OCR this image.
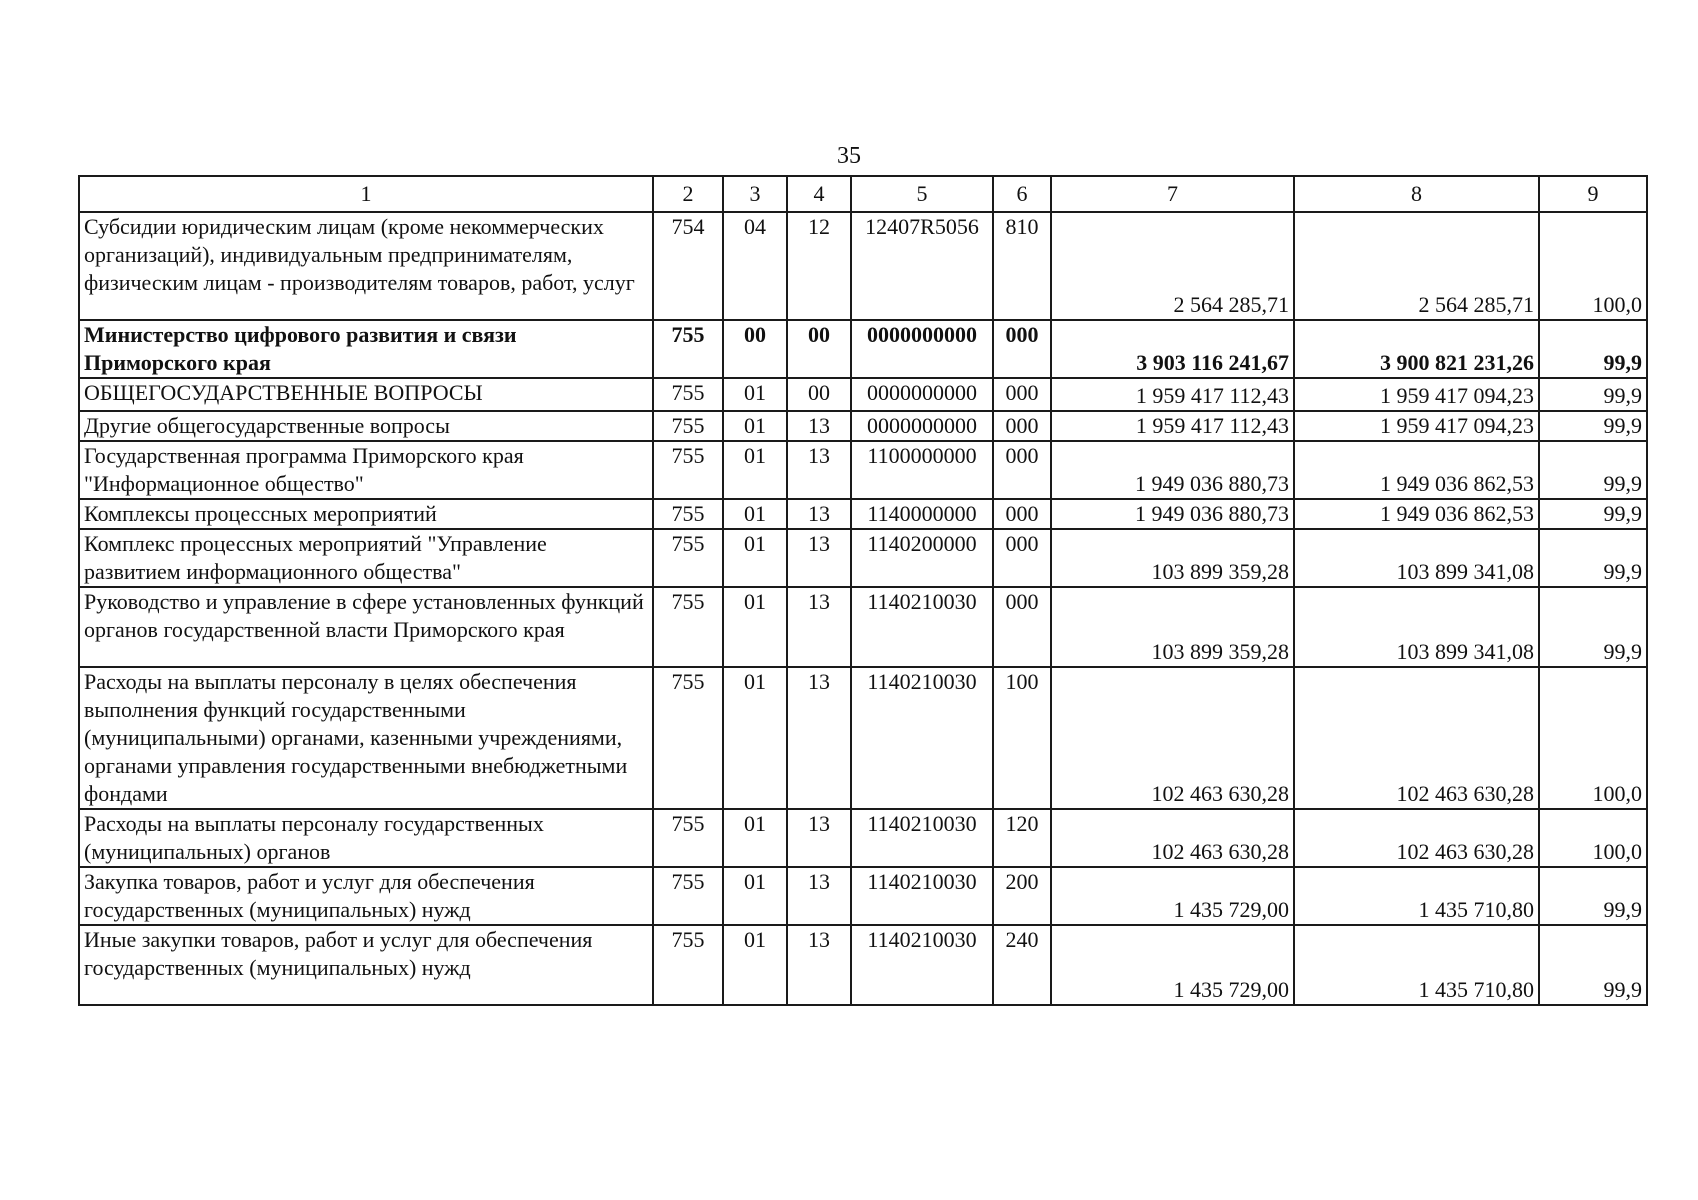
35
1	2	3	4	5	6	7	8	9
Субсидии юридическим лицам (кроме некоммерческих организаций), индивидуальным предпринимателям, физическим лицам - производителям товаров, работ, услуг	754	04	12	12407R5056	810	2 564 285,71	2 564 285,71	100,0
Министерство цифрового развития и связи Приморского края	755	00	00	0000000000	000	3 903 116 241,67	3 900 821 231,26	99,9
ОБЩЕГОСУДАРСТВЕННЫЕ ВОПРОСЫ	755	01	00	0000000000	000	1 959 417 112,43	1 959 417 094,23	99,9
Другие общегосударственные вопросы	755	01	13	0000000000	000	1 959 417 112,43	1 959 417 094,23	99,9
Государственная программа Приморского края "Информационное общество"	755	01	13	1100000000	000	1 949 036 880,73	1 949 036 862,53	99,9
Комплексы процессных мероприятий	755	01	13	1140000000	000	1 949 036 880,73	1 949 036 862,53	99,9
Комплекс процессных мероприятий "Управление развитием информационного общества"	755	01	13	1140200000	000	103 899 359,28	103 899 341,08	99,9
Руководство и управление в сфере установленных функций органов государственной власти Приморского края	755	01	13	1140210030	000	103 899 359,28	103 899 341,08	99,9
Расходы на выплаты персоналу в целях обеспечения выполнения функций государственными (муниципальными) органами, казенными учреждениями, органами управления государственными внебюджетными фондами	755	01	13	1140210030	100	102 463 630,28	102 463 630,28	100,0
Расходы на выплаты персоналу государственных (муниципальных) органов	755	01	13	1140210030	120	102 463 630,28	102 463 630,28	100,0
Закупка товаров, работ и услуг для обеспечения государственных (муниципальных) нужд	755	01	13	1140210030	200	1 435 729,00	1 435 710,80	99,9
Иные закупки товаров, работ и услуг для обеспечения государственных (муниципальных) нужд	755	01	13	1140210030	240	1 435 729,00	1 435 710,80	99,9
